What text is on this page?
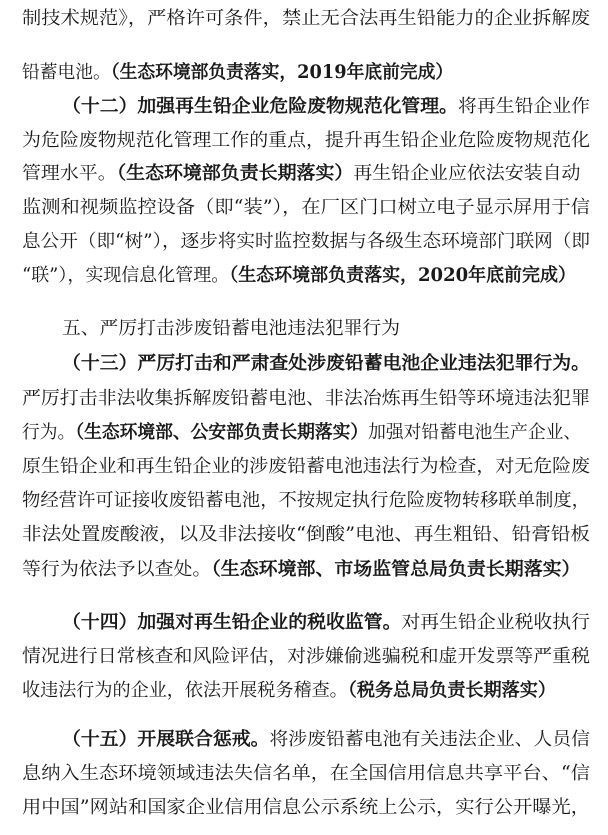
制技术规范》，严格许可条件，禁止无合法再生铅能力的企业拆解废
铅蓄电池。（生态环境部负责落实，2019年底前完成）
（十二）加强再生铅企业危险废物规范化管理。将再生铅企业作
为危险废物规范化管理工作的重点，提升再生铅企业危险废物规范化
管理水平。（生态环境部负责长期落实）再生铅企业应依法安装自动
监测和视频监控设备（即“装”），在厂区门口树立电子显示屏用于信
息公开（即“树”），逐步将实时监控数据与各级生态环境部门联网（即
“联”），实现信息化管理。（生态环境部负责落实，2020年底前完成）
五、严厉打击涉废铅蓄电池违法犯罪行为
（十三）严厉打击和严肃查处涉废铅蓄电池企业违法犯罪行为。
严厉打击非法收集拆解废铅蓄电池、非法冶炼再生铅等环境违法犯罪
行为。（生态环境部、公安部负责长期落实）加强对铅蓄电池生产企业、
原生铅企业和再生铅企业的涉废铅蓄电池违法行为检查，对无危险废
物经营许可证接收废铅蓄电池，不按规定执行危险废物转移联单制度，
非法处置废酸液，以及非法接收“倒酸”电池、再生粗铅、铅膏铅板
等行为依法予以查处。（生态环境部、市场监管总局负责长期落实）
（十四）加强对再生铅企业的税收监管。对再生铅企业税收执行
情况进行日常核查和风险评估，对涉嫌偷逃骗税和虚开发票等严重税
收违法行为的企业，依法开展税务稽查。（税务总局负责长期落实）
（十五）开展联合惩戒。将涉废铅蓄电池有关违法企业、人员信
息纳入生态环境领域违法失信名单，在全国信用信息共享平台、“信
用中国”网站和国家企业信用信息公示系统上公示，实行公开曝光，
